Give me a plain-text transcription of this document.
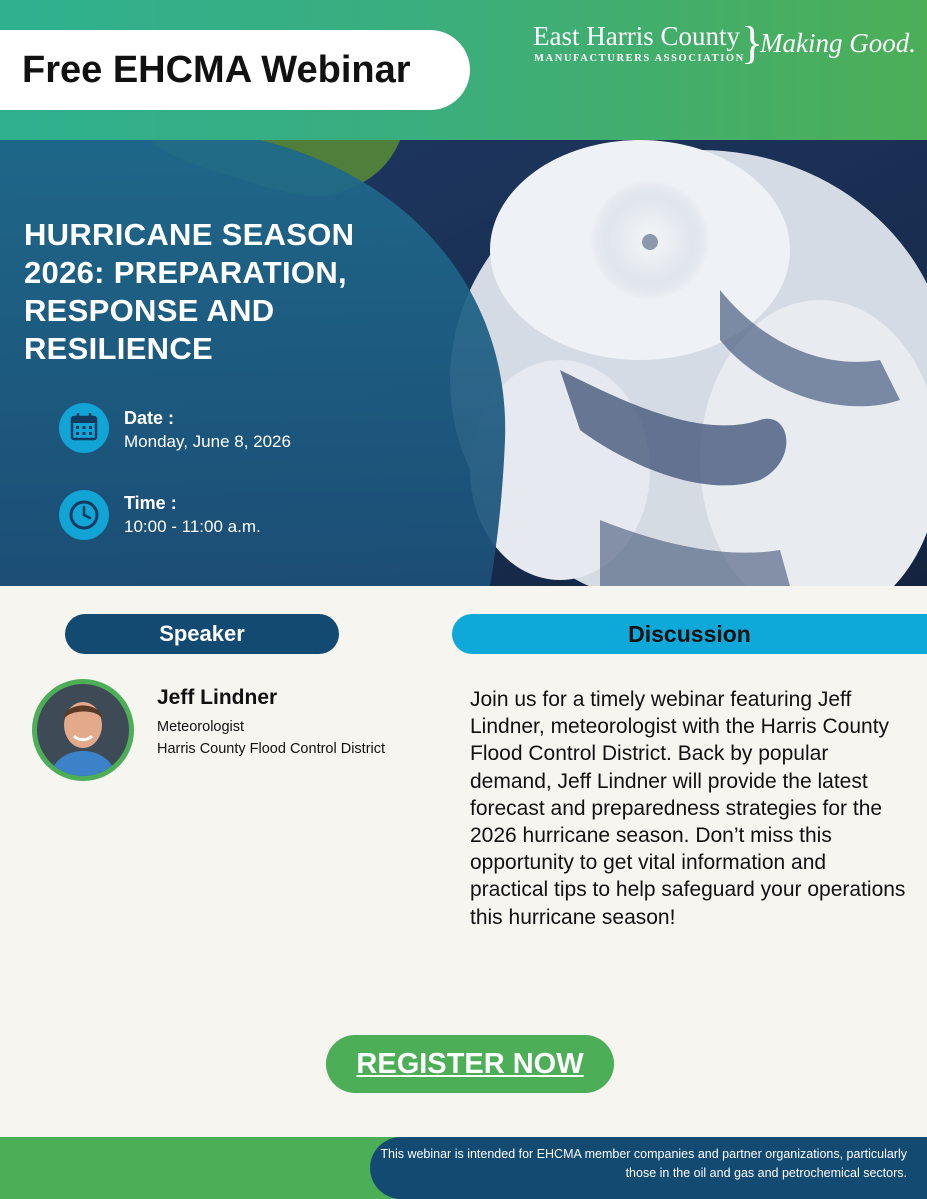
Free EHCMA Webinar
East Harris County
MANUFACTURERS ASSOCIATION
}
Making Good.
HURRICANE SEASON 2026: PREPARATION, RESPONSE AND RESILIENCE
Date :
Monday, June 8, 2026
Time :
10:00 - 11:00 a.m.
Speaker	Discussion
Jeff Lindner
Meteorologist
Harris County Flood Control District
Join us for a timely webinar featuring Jeff Lindner, meteorologist with the Harris County Flood Control District. Back by popular demand, Jeff Lindner will provide the latest forecast and preparedness strategies for the 2026 hurricane season. Don’t miss this opportunity to get vital information and practical tips to help safeguard your operations this hurricane season!
REGISTER NOW
This webinar is intended for EHCMA member companies and partner organizations, particularly those in the oil and gas and petrochemical sectors.
